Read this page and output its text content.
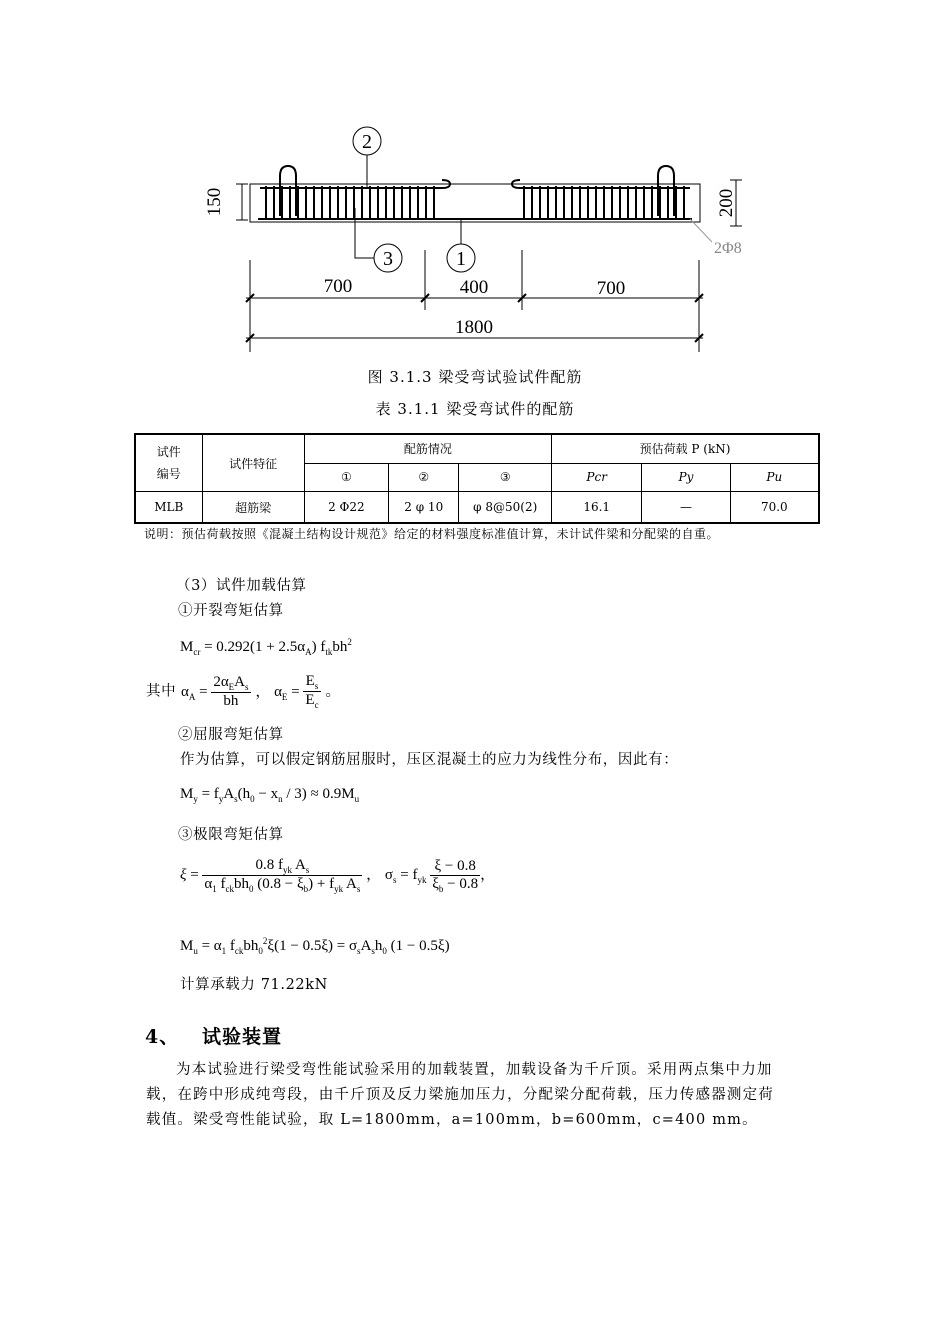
2
3	1
150	200
2Φ8
700	400	700
1800
图 3.1.3 梁受弯试验试件配筋
表 3.1.1 梁受弯试件的配筋
试件
编号	试件特征	配筋情况			预估荷载 P (kN)		
		①	②	③	Pcr	Py	Pu
MLB	超筋梁	2 Φ22	2 φ 10	φ 8@50(2)	16.1	—	70.0
说明：预估荷载按照《混凝土结构设计规范》给定的材料强度标准值计算，未计试件梁和分配梁的自重。
（3）试件加载估算
①开裂弯矩估算
$M_{cr} = 0.292(1 + 2.5\alpha_A)$ $f_{tk}bh^2$
其中 $\alpha_A = \frac{2\alpha_EA_s}{bh}$ ， $\alpha_E = \frac{E_s}{E_c}$ 。
②屈服弯矩估算
作为估算，可以假定钢筋屈服时，压区混凝土的应力为线性分布，因此有：
$M_y = f_yA_s(h_0 - x_n / 3) \approx 0.9M_u$
③极限弯矩估算
$\xi = \frac{0.8 f_{yk} A_s}{\alpha_1 f_{ck}bh_0 (0.8 - \xi_b) + f_{yk} A_s}$ ， $\sigma_s = f_{yk} \frac{\xi - 0.8}{\xi_b - 0.8}$ ，
$M_u = \alpha_1$ $f_{ck}bh_0^2\xi(1 - 0.5\xi) = \sigma_sA_sh_0$ (1 − 0.5ξ)
计算承载力 71.22kN
4、 试验装置
为本试验进行梁受弯性能试验采用的加载装置，加载设备为千斤顶。采用两点集中力加
载，在跨中形成纯弯段，由千斤顶及反力梁施加压力，分配梁分配荷载，压力传感器测定荷
载值。梁受弯性能试验，取 L=1800mm，a=100mm，b=600mm，c=400 mm。
